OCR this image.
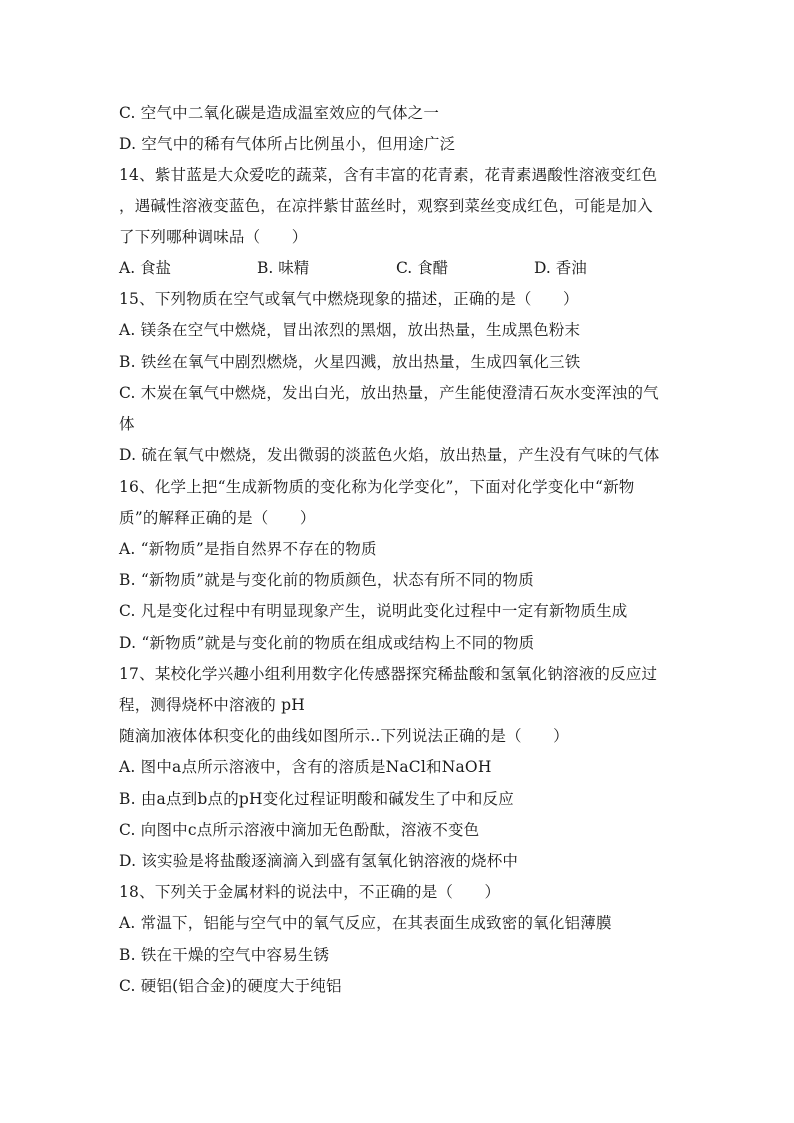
C. 空气中二氧化碳是造成温室效应的气体之一
D. 空气中的稀有气体所占比例虽小，但用途广泛
14、紫甘蓝是大众爱吃的蔬菜，含有丰富的花青素，花青素遇酸性溶液变红色
，遇碱性溶液变蓝色，在凉拌紫甘蓝丝时，观察到菜丝变成红色，可能是加入
了下列哪种调味品（　　）
A. 食盐	B. 味精	C. 食醋	D. 香油
15、下列物质在空气或氧气中燃烧现象的描述，正确的是（　　）
A. 镁条在空气中燃烧，冒出浓烈的黑烟，放出热量，生成黑色粉末
B. 铁丝在氧气中剧烈燃烧，火星四溅，放出热量，生成四氧化三铁
C. 木炭在氧气中燃烧，发出白光，放出热量，产生能使澄清石灰水变浑浊的气
体
D. 硫在氧气中燃烧，发出微弱的淡蓝色火焰，放出热量，产生没有气味的气体
16、化学上把“生成新物质的变化称为化学变化”，下面对化学变化中“新物
质”的解释正确的是（　　）
A. “新物质”是指自然界不存在的物质
B. “新物质”就是与变化前的物质颜色，状态有所不同的物质
C. 凡是变化过程中有明显现象产生，说明此变化过程中一定有新物质生成
D. “新物质”就是与变化前的物质在组成或结构上不同的物质
17、某校化学兴趣小组利用数字化传感器探究稀盐酸和氢氧化钠溶液的反应过
程，测得烧杯中溶液的 pH
随滴加液体体积变化的曲线如图所示..下列说法正确的是（　　）
A. 图中a点所示溶液中，含有的溶质是NaCl和NaOH
B. 由a点到b点的pH变化过程证明酸和碱发生了中和反应
C. 向图中c点所示溶液中滴加无色酚酞，溶液不变色
D. 该实验是将盐酸逐滴滴入到盛有氢氧化钠溶液的烧杯中
18、下列关于金属材料的说法中，不正确的是（　　）
A. 常温下，铝能与空气中的氧气反应，在其表面生成致密的氧化铝薄膜
B. 铁在干燥的空气中容易生锈
C. 硬铝(铝合金)的硬度大于纯铝
